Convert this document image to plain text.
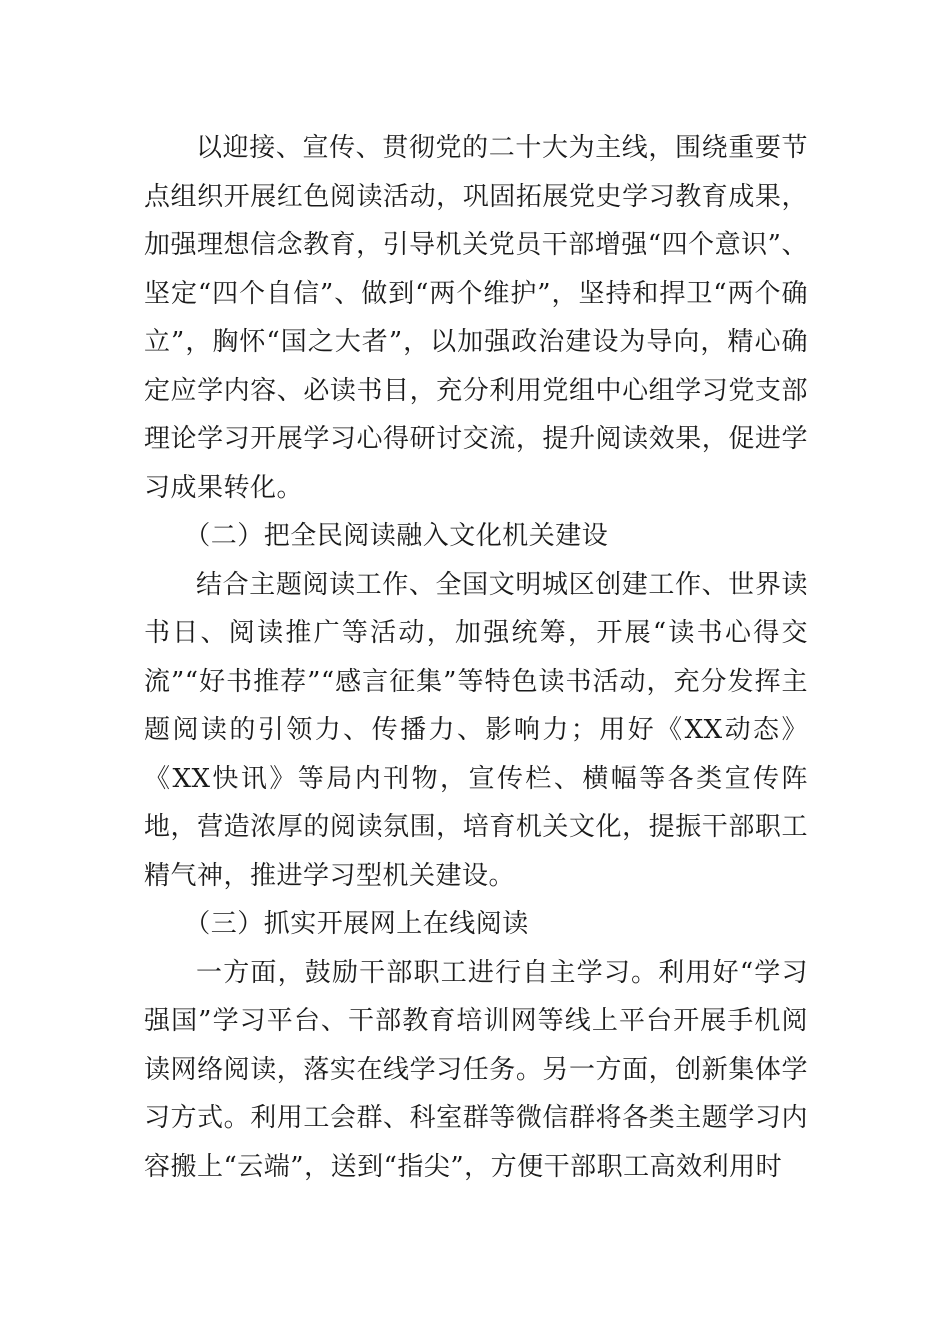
以迎接、宣传、贯彻党的二十大为主线，围绕重要节点组织开展红色阅读活动，巩固拓展党史学习教育成果，加强理想信念教育，引导机关党员干部增强“四个意识”、坚定“四个自信”、做到“两个维护”，坚持和捍卫“两个确立”，胸怀“国之大者”，以加强政治建设为导向，精心确定应学内容、必读书目，充分利用党组中心组学习党支部理论学习开展学习心得研讨交流，提升阅读效果，促进学习成果转化。

（二）把全民阅读融入文化机关建设

结合主题阅读工作、全国文明城区创建工作、世界读书日、阅读推广等活动，加强统筹，开展“读书心得交流”“好书推荐”“感言征集”等特色读书活动，充分发挥主题阅读的引领力、传播力、影响力；用好《XX动态》《XX快讯》等局内刊物，宣传栏、横幅等各类宣传阵地，营造浓厚的阅读氛围，培育机关文化，提振干部职工精气神，推进学习型机关建设。

（三）抓实开展网上在线阅读

一方面，鼓励干部职工进行自主学习。利用好“学习强国”学习平台、干部教育培训网等线上平台开展手机阅读网络阅读，落实在线学习任务。另一方面，创新集体学习方式。利用工会群、科室群等微信群将各类主题学习内容搬上“云端”，送到“指尖”，方便干部职工高效利用时
